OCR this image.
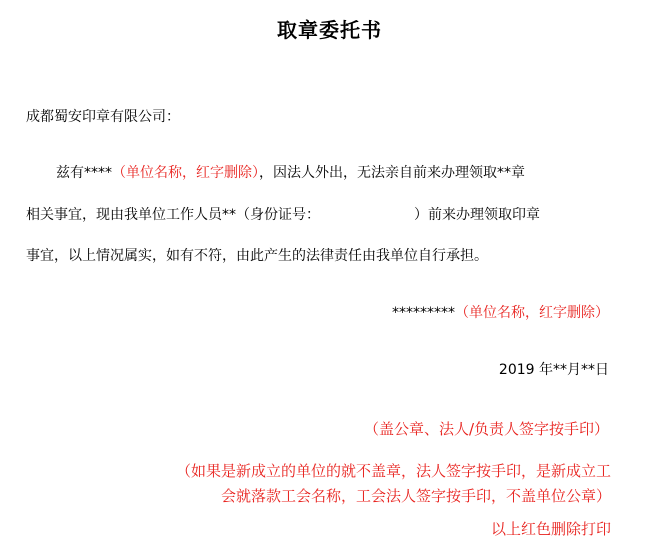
取章委托书
成都蜀安印章有限公司：
兹有****（单位名称，红字删除），因法人外出，无法亲自前来办理领取**章
相关事宜，现由我单位工作人员**（身份证号：	）前来办理领取印章
事宜，以上情况属实，如有不符，由此产生的法律责任由我单位自行承担。
*********（单位名称，红字删除）
2019 年**月**日
（盖公章、法人/负责人签字按手印）
（如果是新成立的单位的就不盖章，法人签字按手印，是新成立工
会就落款工会名称，工会法人签字按手印，不盖单位公章）
以上红色删除打印
